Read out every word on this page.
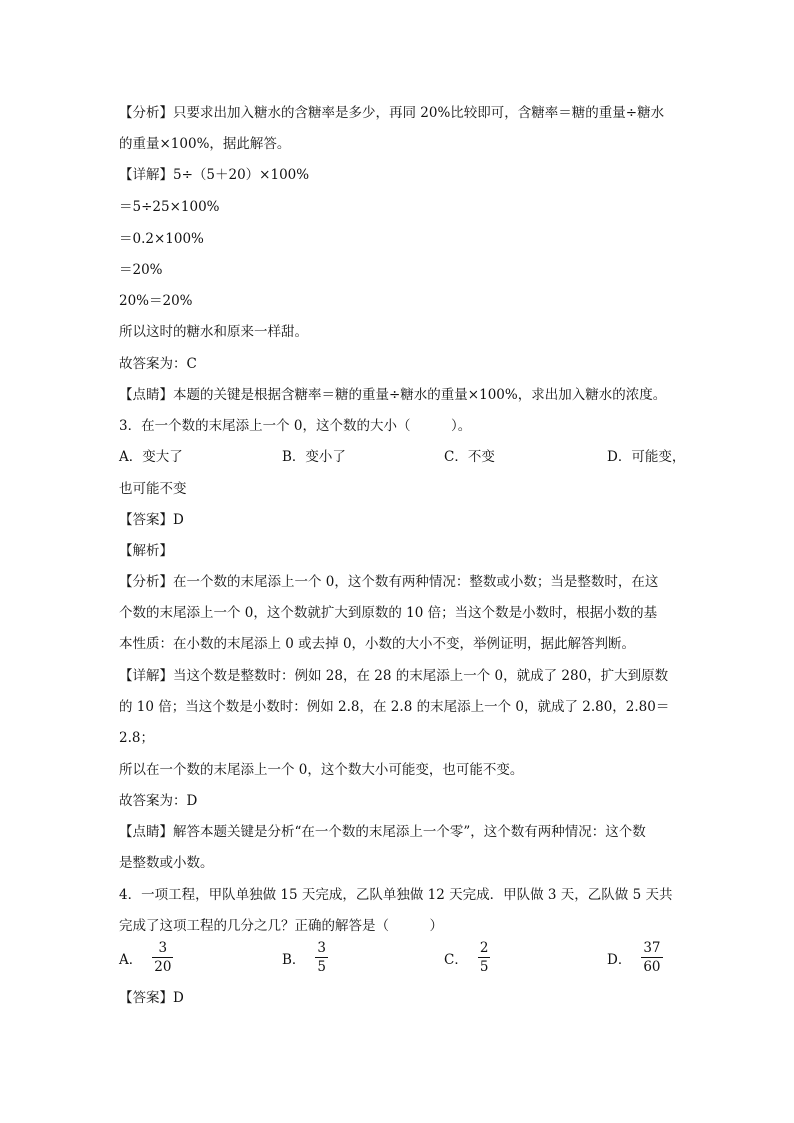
【分析】只要求出加入糖水的含糖率是多少，再同 20%比较即可，含糖率＝糖的重量÷糖水
的重量×100%，据此解答。
【详解】5÷（5＋20）×100%
＝5÷25×100%
＝0.2×100%
＝20%
20%＝20%
所以这时的糖水和原来一样甜。
故答案为：C
【点睛】本题的关键是根据含糖率＝糖的重量÷糖水的重量×100%，求出加入糖水的浓度。
3．在一个数的末尾添上一个 0，这个数的大小（　　　）。
A．变大了	B．变小了	C．不变	D．可能变，
也可能不变
【答案】D
【解析】
【分析】在一个数的末尾添上一个 0，这个数有两种情况：整数或小数；当是整数时，在这
个数的末尾添上一个 0，这个数就扩大到原数的 10 倍；当这个数是小数时，根据小数的基
本性质：在小数的末尾添上 0 或去掉 0，小数的大小不变，举例证明，据此解答判断。
【详解】当这个数是整数时：例如 28，在 28 的末尾添上一个 0，就成了 280，扩大到原数
的 10 倍；当这个数是小数时：例如 2.8，在 2.8 的末尾添上一个 0，就成了 2.80，2.80＝
2.8；
所以在一个数的末尾添上一个 0，这个数大小可能变，也可能不变。
故答案为：D
【点睛】解答本题关键是分析“在一个数的末尾添上一个零”，这个数有两种情况：这个数
是整数或小数。
4．一项工程，甲队单独做 15 天完成，乙队单独做 12 天完成．甲队做 3 天，乙队做 5 天共
完成了这项工程的几分之几？正确的解答是（　　　）
A． $\frac{3}{20}$	B． $\frac{3}{5}$	C． $\frac{2}{5}$	D． $\frac{37}{60}$
【答案】D
